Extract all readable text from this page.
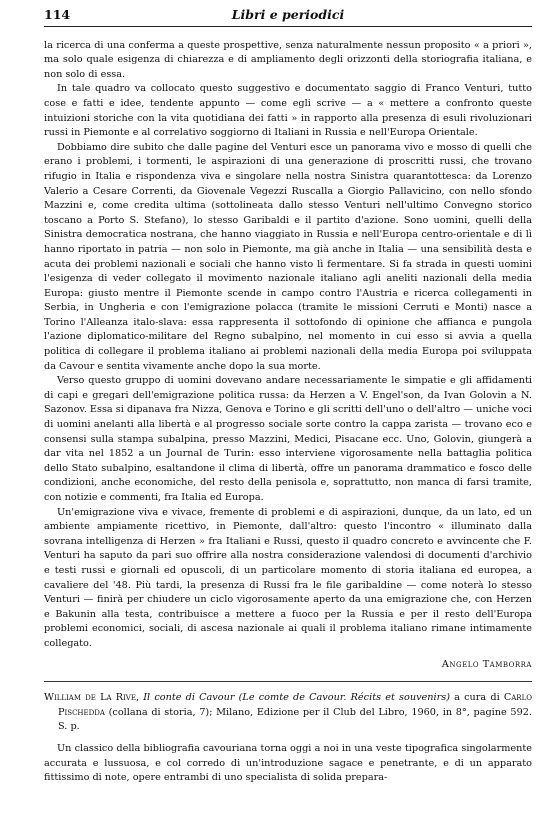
114	Libri e periodici

la ricerca di una conferma a queste prospettive, senza naturalmente nessun proposito « a priori », ma solo quale esigenza di chiarezza e di ampliamento degli orizzonti della storiografia italiana, e non solo di essa.

In tale quadro va collocato questo suggestivo e documentato saggio di Franco Venturi, tutto cose e fatti e idee, tendente appunto — come egli scrive — a « mettere a confronto queste intuizioni storiche con la vita quotidiana dei fatti » in rapporto alla presenza di esuli rivoluzionari russi in Piemonte e al correlativo soggiorno di Italiani in Russia e nell'Europa Orientale.

Dobbiamo dire subito che dalle pagine del Venturi esce un panorama vivo e mosso di quelli che erano i problemi, i tormenti, le aspirazioni di una generazione di proscritti russi, che trovano rifugio in Italia e rispondenza viva e singolare nella nostra Sinistra quarantottesca: da Lorenzo Valerio a Cesare Correnti, da Giovenale Vegezzi Ruscalla a Giorgio Pallavicino, con nello sfondo Mazzini e, come credita ultima (sottolineata dallo stesso Venturi nell'ultimo Convegno storico toscano a Porto S. Stefano), lo stesso Garibaldi e il partito d'azione. Sono uomini, quelli della Sinistra democratica nostrana, che hanno viaggiato in Russia e nell'Europa centro-orientale e di lì hanno riportato in patria — non solo in Piemonte, ma già anche in Italia — una sensibilità desta e acuta dei problemi nazionali e sociali che hanno visto lì fermentare. Si fa strada in questi uomini l'esigenza di veder collegato il movimento nazionale italiano agli aneliti nazionali della media Europa: giusto mentre il Piemonte scende in campo contro l'Austria e ricerca collegamenti in Serbia, in Ungheria e con l'emigrazione polacca (tramite le missioni Cerruti e Monti) nasce a Torino l'Alleanza italo-slava: essa rappresenta il sottofondo di opinione che affianca e pungola l'azione diplomatico-militare del Regno subalpino, nel momento in cui esso si avvia a quella politica di collegare il problema italiano ai problemi nazionali della media Europa poi sviluppata da Cavour e sentita vivamente anche dopo la sua morte.

Verso questo gruppo di uomini dovevano andare necessariamente le simpatie e gli affidamenti di capi e gregari dell'emigrazione politica russa: da Herzen a V. Engel'son, da Ivan Golovin a N. Sazonov. Essa si dipanava fra Nizza, Genova e Torino e gli scritti dell'uno o dell'altro — uniche voci di uomini anelanti alla libertà e al progresso sociale sorte contro la cappa zarista — trovano eco e consensi sulla stampa subalpina, presso Mazzini, Medici, Pisacane ecc. Uno, Golovin, giungerà a dar vita nel 1852 a un Journal de Turin: esso interviene vigorosamente nella battaglia politica dello Stato subalpino, esaltandone il clima di libertà, offre un panorama drammatico e fosco delle condizioni, anche economiche, del resto della penisola e, soprattutto, non manca di farsi tramite, con notizie e commenti, fra Italia ed Europa.

Un'emigrazione viva e vivace, fremente di problemi e di aspirazioni, dunque, da un lato, ed un ambiente ampiamente ricettivo, in Piemonte, dall'altro: questo l'incontro « illuminato dalla sovrana intelligenza di Herzen » fra Italiani e Russi, questo il quadro concreto e avvincente che F. Venturi ha saputo da pari suo offrire alla nostra considerazione valendosi di documenti d'archivio e testi russi e giornali ed opuscoli, di un particolare momento di storia italiana ed europea, a cavaliere del '48. Più tardi, la presenza di Russi fra le file garibaldine — come noterà lo stesso Venturi — finirà per chiudere un ciclo vigorosamente aperto da una emigrazione che, con Herzen e Bakunin alla testa, contribuisce a mettere a fuoco per la Russia e per il resto dell'Europa problemi economici, sociali, di ascesa nazionale ai quali il problema italiano rimane intimamente collegato.

Angelo Tamborra

William de La Rive, Il conte di Cavour (Le comte de Cavour. Récits et souvenirs) a cura di Carlo Pischedda (collana di storia, 7); Milano, Edizione per il Club del Libro, 1960, in 8°, pagine 592. S. p.

Un classico della bibliografia cavouriana torna oggi a noi in una veste tipografica singolarmente accurata e lussuosa, e col corredo di un'introduzione sagace e penetrante, e di un apparato fittissimo di note, opere entrambi di uno specialista di solida prepara-
